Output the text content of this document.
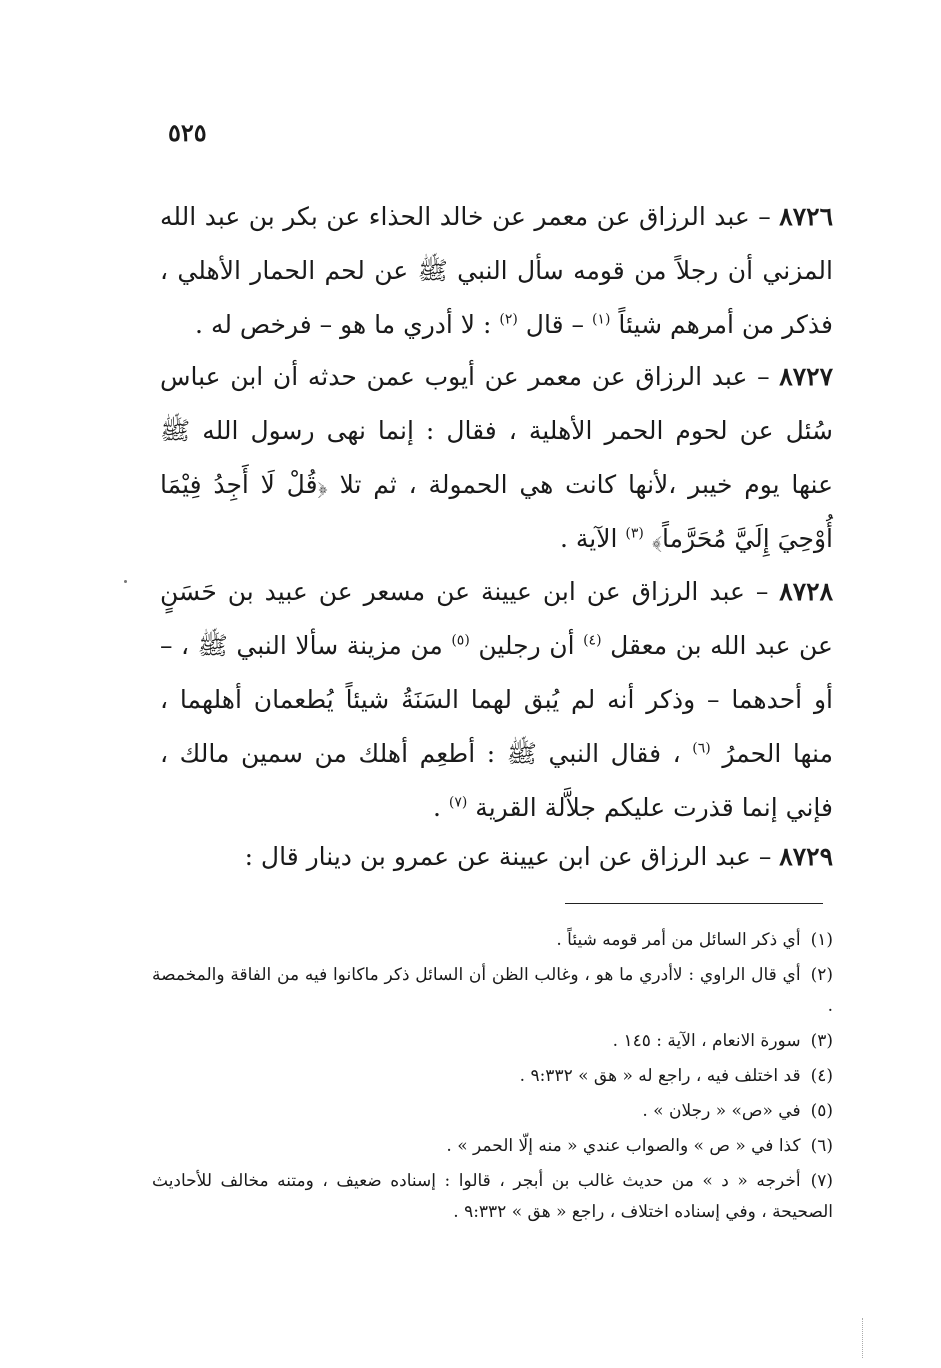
٥٢٥
٨٧٢٦ – عبد الرزاق عن معمر عن خالد الحذاء عن بكر بن عبد الله المزني أن رجلاً من قومه سأل النبي ﷺ عن لحم الحمار الأهلي ، فذكر من أمرهم شيئاً $^{(١)}$ – قال $^{(٢)}$ : لا أدري ما هو – فرخص له .
٨٧٢٧ – عبد الرزاق عن معمر عن أيوب عمن حدثه أن ابن عباس سُئل عن لحوم الحمر الأهلية ، فقال : إنما نهى رسول الله ﷺ عنها يوم خيبر ،لأنها كانت هي الحمولة ، ثم تلا ﴿قُلْ لَا أَجِدُ فِيْمَا أُوْحِيَ إِلَيَّ مُحَرَّماً﴾ $^{(٣)}$ الآية .
٨٧٢٨ – عبد الرزاق عن ابن عيينة عن مسعر عن عبيد بن حَسَنٍ عن عبد الله بن معقل $^{(٤)}$ أن رجلين $^{(٥)}$ من مزينة سألا النبي ﷺ ، – أو أحدهما – وذكر أنه لم يُبق لهما السَنَةُ شيئاً يُطعمان أهلهما ، منها الحمرُ $^{(٦)}$ ، فقال النبي ﷺ : أطعِم أهلك من سمين مالك ، فإني إنما قذرت عليكم جلاَّلة القرية $^{(٧)}$ .
٨٧٢٩ – عبد الرزاق عن ابن عيينة عن عمرو بن دينار قال :
(١)أي ذكر السائل من أمر قومه شيئاً .
(٢)أي قال الراوي : لاأدري ما هو ، وغالب الظن أن السائل ذكر ماكانوا فيه من الفاقة والمخمصة .
(٣)سورة الانعام ، الآية : ١٤٥ .
(٤)قد اختلف فيه ، راجع له « هق » ٩:٣٣٢ .
(٥)في «ص» « رجلان » .
(٦)كذا في « ص » والصواب عندي « منه إلّا الحمر » .
(٧)أخرجه « د » من حديث غالب بن أبجر ، قالوا : إسناده ضعيف ، ومتنه مخالف للأحاديث الصحيحة ، وفي إسناده اختلاف ، راجع « هق » ٩:٣٣٢ .
